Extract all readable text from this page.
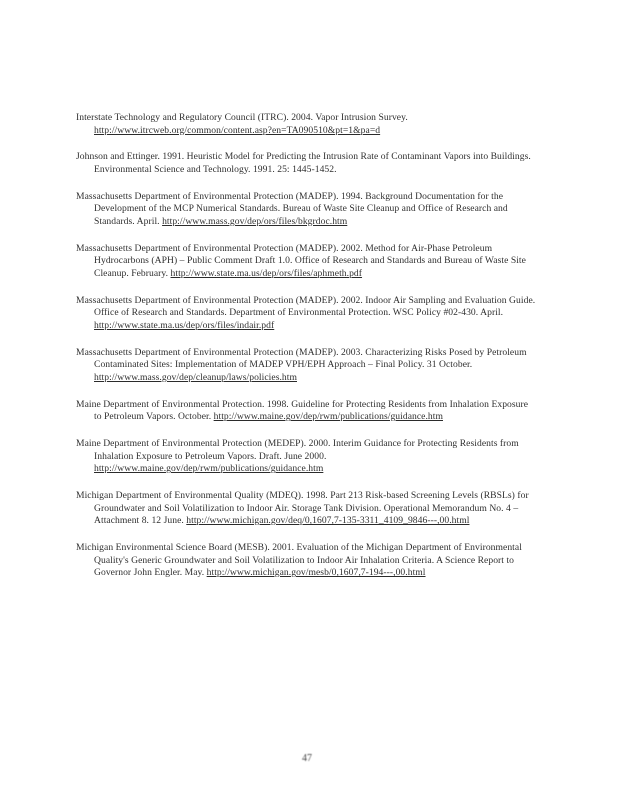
Interstate Technology and Regulatory Council (ITRC). 2004. Vapor Intrusion Survey. http://www.itrcweb.org/common/content.asp?en=TA090510&pt=1&pa=d

Johnson and Ettinger. 1991. Heuristic Model for Predicting the Intrusion Rate of Contaminant Vapors into Buildings. Environmental Science and Technology. 1991. 25: 1445-1452.

Massachusetts Department of Environmental Protection (MADEP). 1994. Background Documentation for the Development of the MCP Numerical Standards. Bureau of Waste Site Cleanup and Office of Research and Standards. April. http://www.mass.gov/dep/ors/files/bkgrdoc.htm

Massachusetts Department of Environmental Protection (MADEP). 2002. Method for Air-Phase Petroleum Hydrocarbons (APH) – Public Comment Draft 1.0. Office of Research and Standards and Bureau of Waste Site Cleanup. February. http://www.state.ma.us/dep/ors/files/aphmeth.pdf

Massachusetts Department of Environmental Protection (MADEP). 2002. Indoor Air Sampling and Evaluation Guide. Office of Research and Standards. Department of Environmental Protection. WSC Policy #02-430. April. http://www.state.ma.us/dep/ors/files/indair.pdf

Massachusetts Department of Environmental Protection (MADEP). 2003. Characterizing Risks Posed by Petroleum Contaminated Sites: Implementation of MADEP VPH/EPH Approach – Final Policy. 31 October. http://www.mass.gov/dep/cleanup/laws/policies.htm

Maine Department of Environmental Protection. 1998. Guideline for Protecting Residents from Inhalation Exposure to Petroleum Vapors. October. http://www.maine.gov/dep/rwm/publications/guidance.htm

Maine Department of Environmental Protection (MEDEP). 2000. Interim Guidance for Protecting Residents from Inhalation Exposure to Petroleum Vapors. Draft. June 2000. http://www.maine.gov/dep/rwm/publications/guidance.htm

Michigan Department of Environmental Quality (MDEQ). 1998. Part 213 Risk-based Screening Levels (RBSLs) for Groundwater and Soil Volatilization to Indoor Air. Storage Tank Division. Operational Memorandum No. 4 – Attachment 8. 12 June. http://www.michigan.gov/deq/0,1607,7-135-3311_4109_9846---,00.html

Michigan Environmental Science Board (MESB). 2001. Evaluation of the Michigan Department of Environmental Quality's Generic Groundwater and Soil Volatilization to Indoor Air Inhalation Criteria. A Science Report to Governor John Engler. May. http://www.michigan.gov/mesb/0,1607,7-194---,00.html

47
